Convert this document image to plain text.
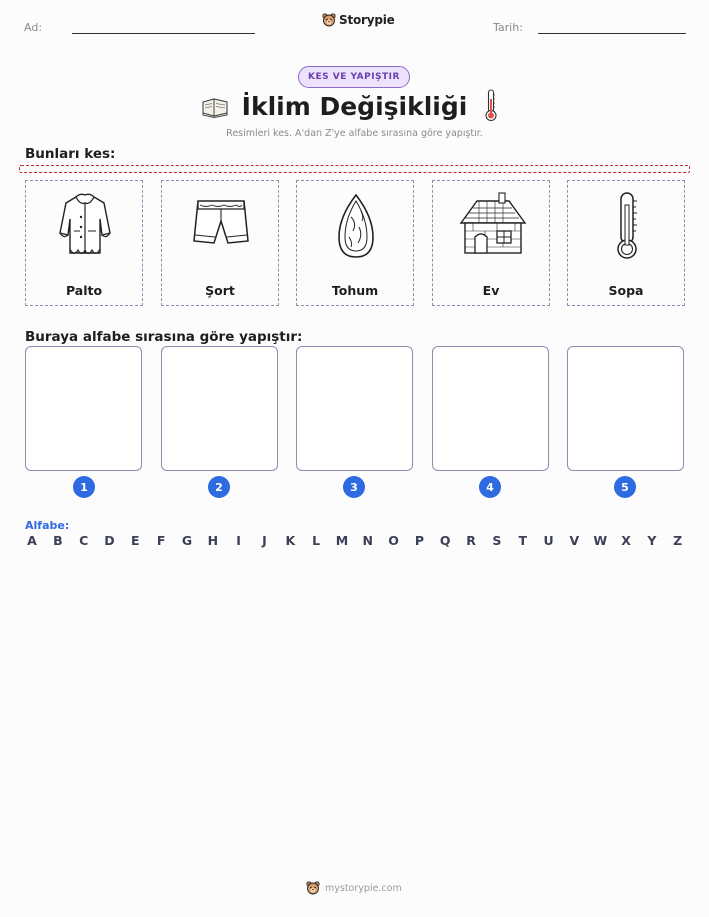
Ad:
Storypie
Tarih:
KES VE YAPIŞTIR
İklim Değişikliği
Resimleri kes. A'dan Z'ye alfabe sırasına göre yapıştır.
Bunları kes:
Palto	Şort	Tohum	Ev	Sopa
Buraya alfabe sırasına göre yapıştır:
1	2	3	4	5
Alfabe:
A B C D E F G H	I	J	K L M N O P Q R S T U V W X Y Z
mystorypie.com
